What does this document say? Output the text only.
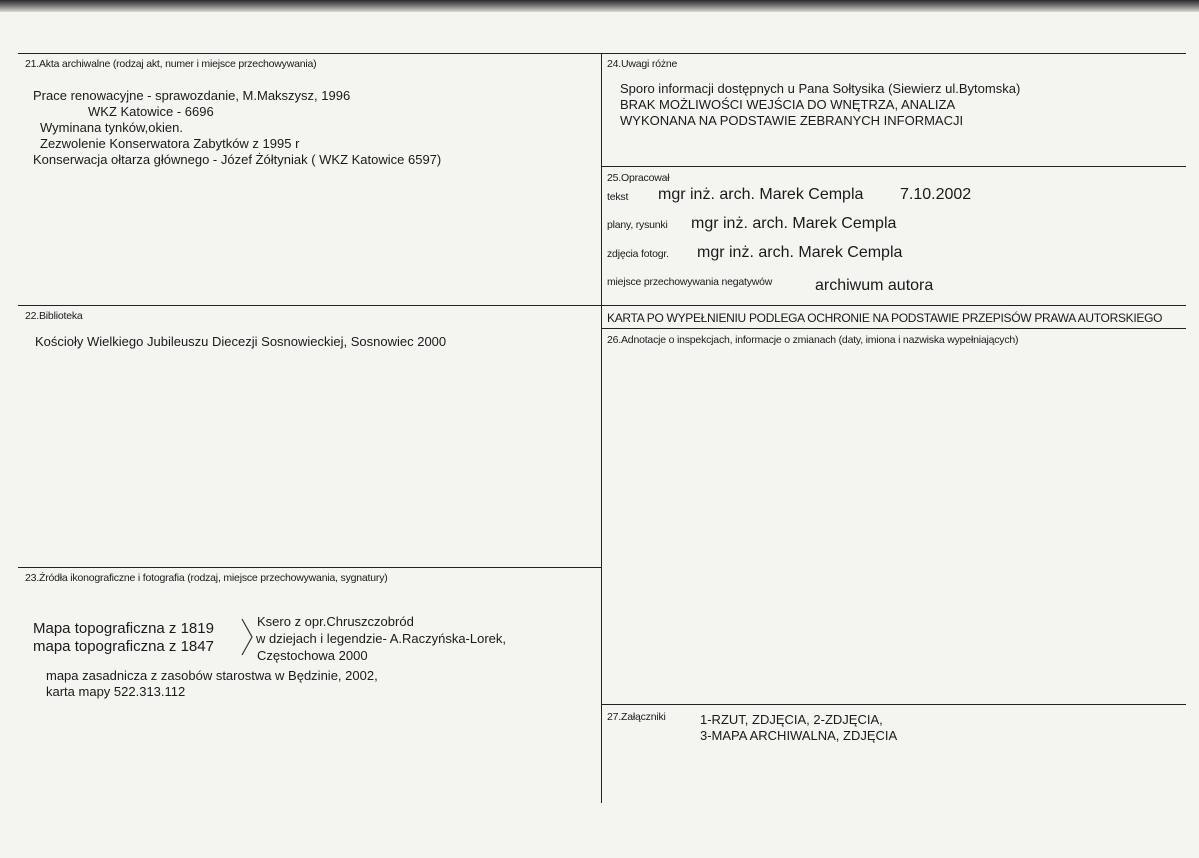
21.Akta archiwalne (rodzaj akt, numer i miejsce przechowywania)
Prace renowacyjne - sprawozdanie, M.Makszysz, 1996
WKZ Katowice - 6696
Wyminana tynków,okien.
Zezwolenie Konserwatora Zabytków z 1995 r
Konserwacja ołtarza głównego - Józef Żółtyniak ( WKZ Katowice 6597)
22.Biblioteka
Kościoły Wielkiego Jubileuszu Diecezji Sosnowieckiej, Sosnowiec 2000
23.Źródła ikonograficzne i fotografia (rodzaj, miejsce przechowywania, sygnatury)
Mapa topograficzna z 1819
mapa topograficzna z 1847
Ksero z opr.Chruszczobród
w dziejach i legendzie- A.Raczyńska-Lorek,
Częstochowa 2000
mapa zasadnicza z zasobów starostwa w Będzinie, 2002,
karta mapy 522.313.112
24.Uwagi różne
Sporo informacji dostępnych u Pana Sołtysika (Siewierz ul.Bytomska)
BRAK MOŻLIWOŚCI WEJŚCIA DO WNĘTRZA, ANALIZA
WYKONANA NA PODSTAWIE ZEBRANYCH INFORMACJI
25.Opracował
tekst mgr inż. arch. Marek Cempla 7.10.2002
plany, rysunki mgr inż. arch. Marek Cempla
zdjęcia fotogr. mgr inż. arch. Marek Cempla
miejsce przechowywania negatywów	archiwum autora
KARTA PO WYPEŁNIENIU PODLEGA OCHRONIE NA PODSTAWIE PRZEPISÓW PRAWA AUTORSKIEGO
26.Adnotacje o inspekcjach, informacje o zmianach (daty, imiona i nazwiska wypełniających)
27.Załączniki	1-RZUT, ZDJĘCIA, 2-ZDJĘCIA,
3-MAPA ARCHIWALNA, ZDJĘCIA
